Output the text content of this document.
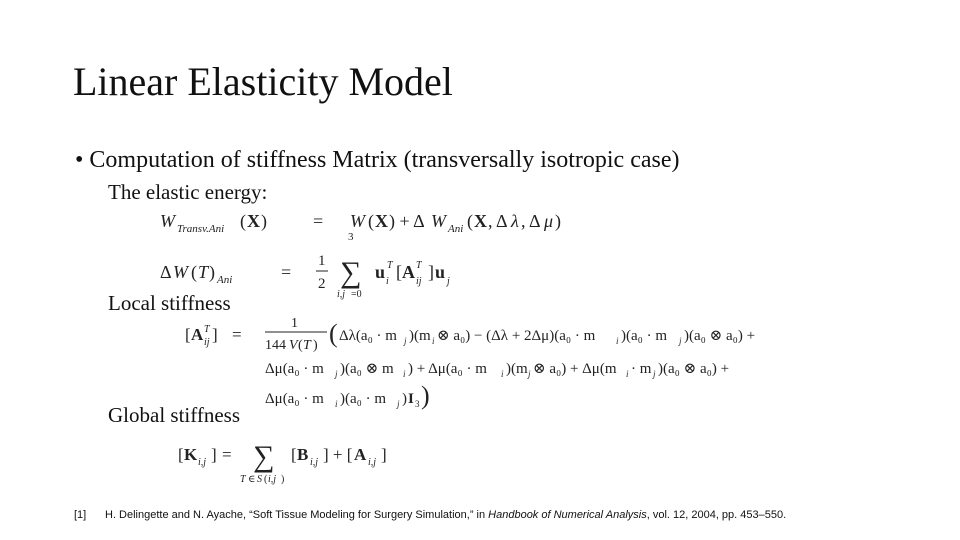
Linear Elasticity Model
• Computation of stiffness Matrix (transversally isotropic case)
The elastic energy:
W Transv.Ani ( X )	= W ( X ) + Δ W Ani ( X , Δ λ , Δ μ )
Δ W ( T ) Ani	=
1
2
3
∑
i,j =0
u i
T [ A ij
T ] u j
Local stiffness
[ A ij
T ] =
1
144 V ( T ) ( Δλ(a₀ · m j )(m i ⊗ a₀) − (Δλ + 2Δμ)(a₀ · m i )(a₀ · m j )(a₀ ⊗ a₀) +
Δμ(a₀ · m j )(a₀ ⊗ m i ) + Δμ(a₀ · m i )(m j ⊗ a₀) + Δμ(m i · m j )(a₀ ⊗ a₀) +
Δμ(a₀ · m i )(a₀ · m j ) I 3 )
Global stiffness
[ K i,j ] = ∑
T ∈ S ( i,j )
[ B i,j ] + [ A i,j ]
[1] H. Delingette and N. Ayache, “Soft Tissue Modeling for Surgery Simulation,” in Handbook of Numerical Analysis, vol. 12, 2004, pp. 453–550.
